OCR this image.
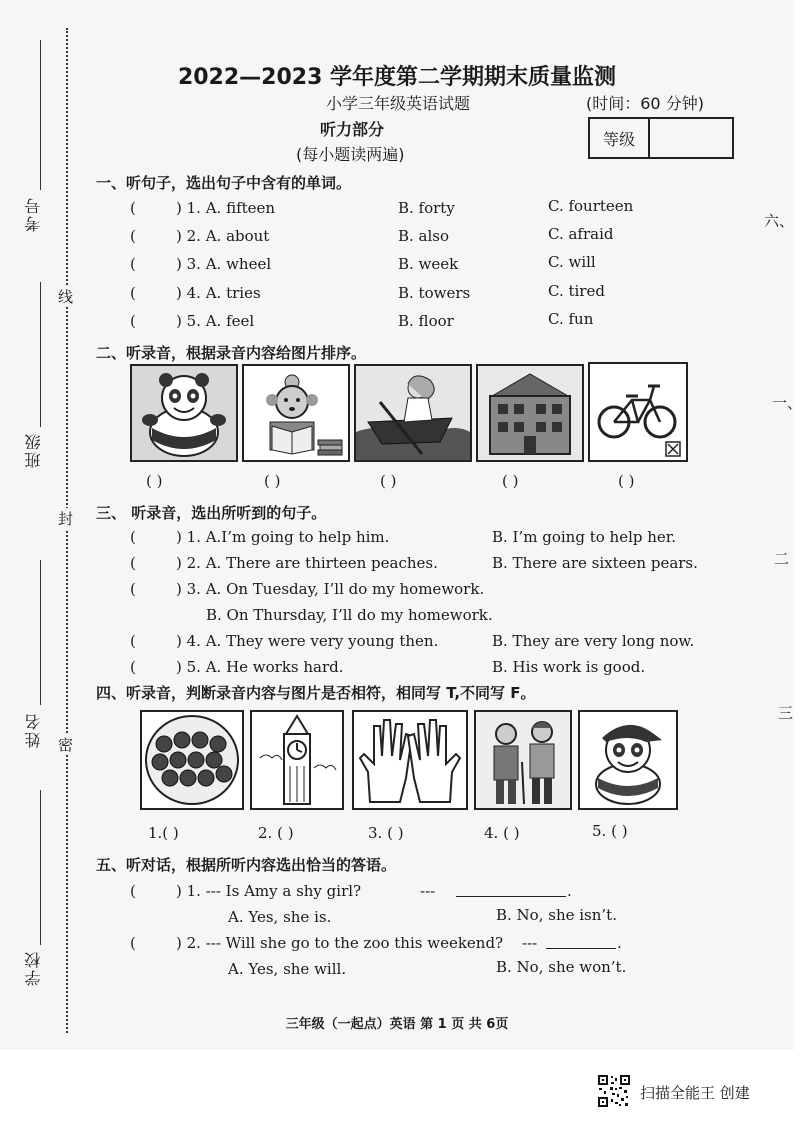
考号
班级
姓名
学校
线
封
密
2022—2023 学年度第二学期期末质量监测
小学三年级英语试题	(时间：60 分钟)
听力部分
(每小题读两遍)
等级
一、听句子，选出句子中含有的单词。
(	) 1. A. fifteen	B. forty	C. fourteen
(	) 2. A. about	B. also	C. afraid
(	) 3. A. wheel	B. week	C. will
(	) 4. A. tries	B. towers	C. tired
(	) 5. A. feel	B. floor	C. fun
二、听录音，根据录音内容给图片排序。
( )	( )	( )	( )	( )
三、 听录音，选出所听到的句子。
(	) 1. A.I’m going to help him.	B. I’m going to help her.
(	) 2. A. There are thirteen peaches.	B. There are sixteen pears.
(	) 3. A. On Tuesday, I’ll do my homework.
B. On Thursday, I’ll do my homework.
(	) 4. A. They were very young then.	B. They are very long now.
(	) 5. A. He works hard.	B. His work is good.
四、听录音，判断录音内容与图片是否相符，相同写 T,不同写 F。
1.( )	2. ( )	3. ( )	4. ( )	5. ( )
五、听对话，根据所听内容选出恰当的答语。
(	) 1. --- Is Amy a shy girl?	---	.
A. Yes, she is.	B. No, she isn’t.
(	) 2. --- Will she go to the zoo this weekend? ---	.
A. Yes, she will.	B. No, she won’t.
六、
一、
二
三
三年级（一起点）英语 第 1 页 共 6页
扫描全能王 创建
